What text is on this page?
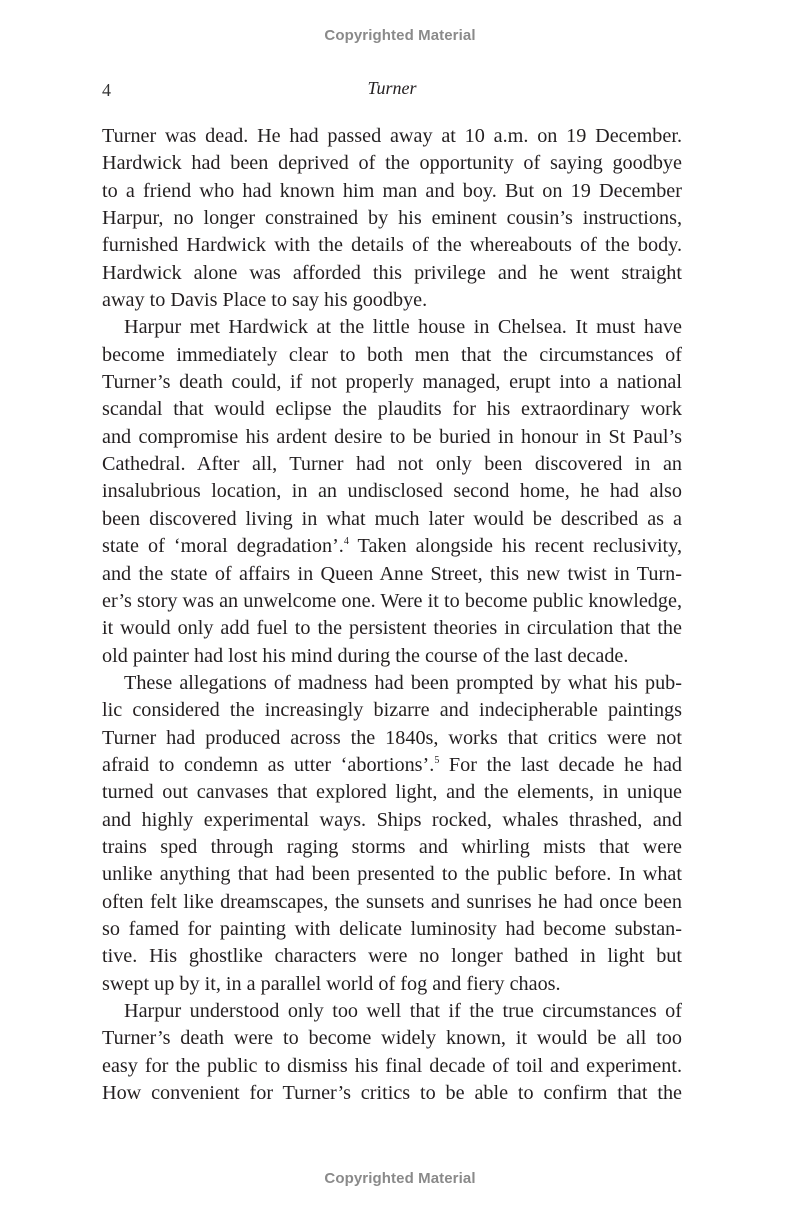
Copyrighted Material
4	Turner
Turner was dead. He had passed away at 10 a.m. on 19 December.
Hardwick had been deprived of the opportunity of saying goodbye
to a friend who had known him man and boy. But on 19 December
Harpur, no longer constrained by his eminent cousin’s instructions,
furnished Hardwick with the details of the whereabouts of the body.
Hardwick alone was afforded this privilege and he went straight
away to Davis Place to say his goodbye.
Harpur met Hardwick at the little house in Chelsea. It must have
become immediately clear to both men that the circumstances of
Turner’s death could, if not properly managed, erupt into a national
scandal that would eclipse the plaudits for his extraordinary work
and compromise his ardent desire to be buried in honour in St Paul’s
Cathedral. After all, Turner had not only been discovered in an
insalubrious location, in an undisclosed second home, he had also
been discovered living in what much later would be described as a
state of ‘moral degradation’.$^4$ Taken alongside his recent reclusivity,
and the state of affairs in Queen Anne Street, this new twist in Turn-
er’s story was an unwelcome one. Were it to become public knowledge,
it would only add fuel to the persistent theories in circulation that the
old painter had lost his mind during the course of the last decade.
These allegations of madness had been prompted by what his pub-
lic considered the increasingly bizarre and indecipherable paintings
Turner had produced across the 1840s, works that critics were not
afraid to condemn as utter ‘abortions’.$^5$ For the last decade he had
turned out canvases that explored light, and the elements, in unique
and highly experimental ways. Ships rocked, whales thrashed, and
trains sped through raging storms and whirling mists that were
unlike anything that had been presented to the public before. In what
often felt like dreamscapes, the sunsets and sunrises he had once been
so famed for painting with delicate luminosity had become substan-
tive. His ghostlike characters were no longer bathed in light but
swept up by it, in a parallel world of fog and fiery chaos.
Harpur understood only too well that if the true circumstances of
Turner’s death were to become widely known, it would be all too
easy for the public to dismiss his final decade of toil and experiment.
How convenient for Turner’s critics to be able to confirm that the
Copyrighted Material
